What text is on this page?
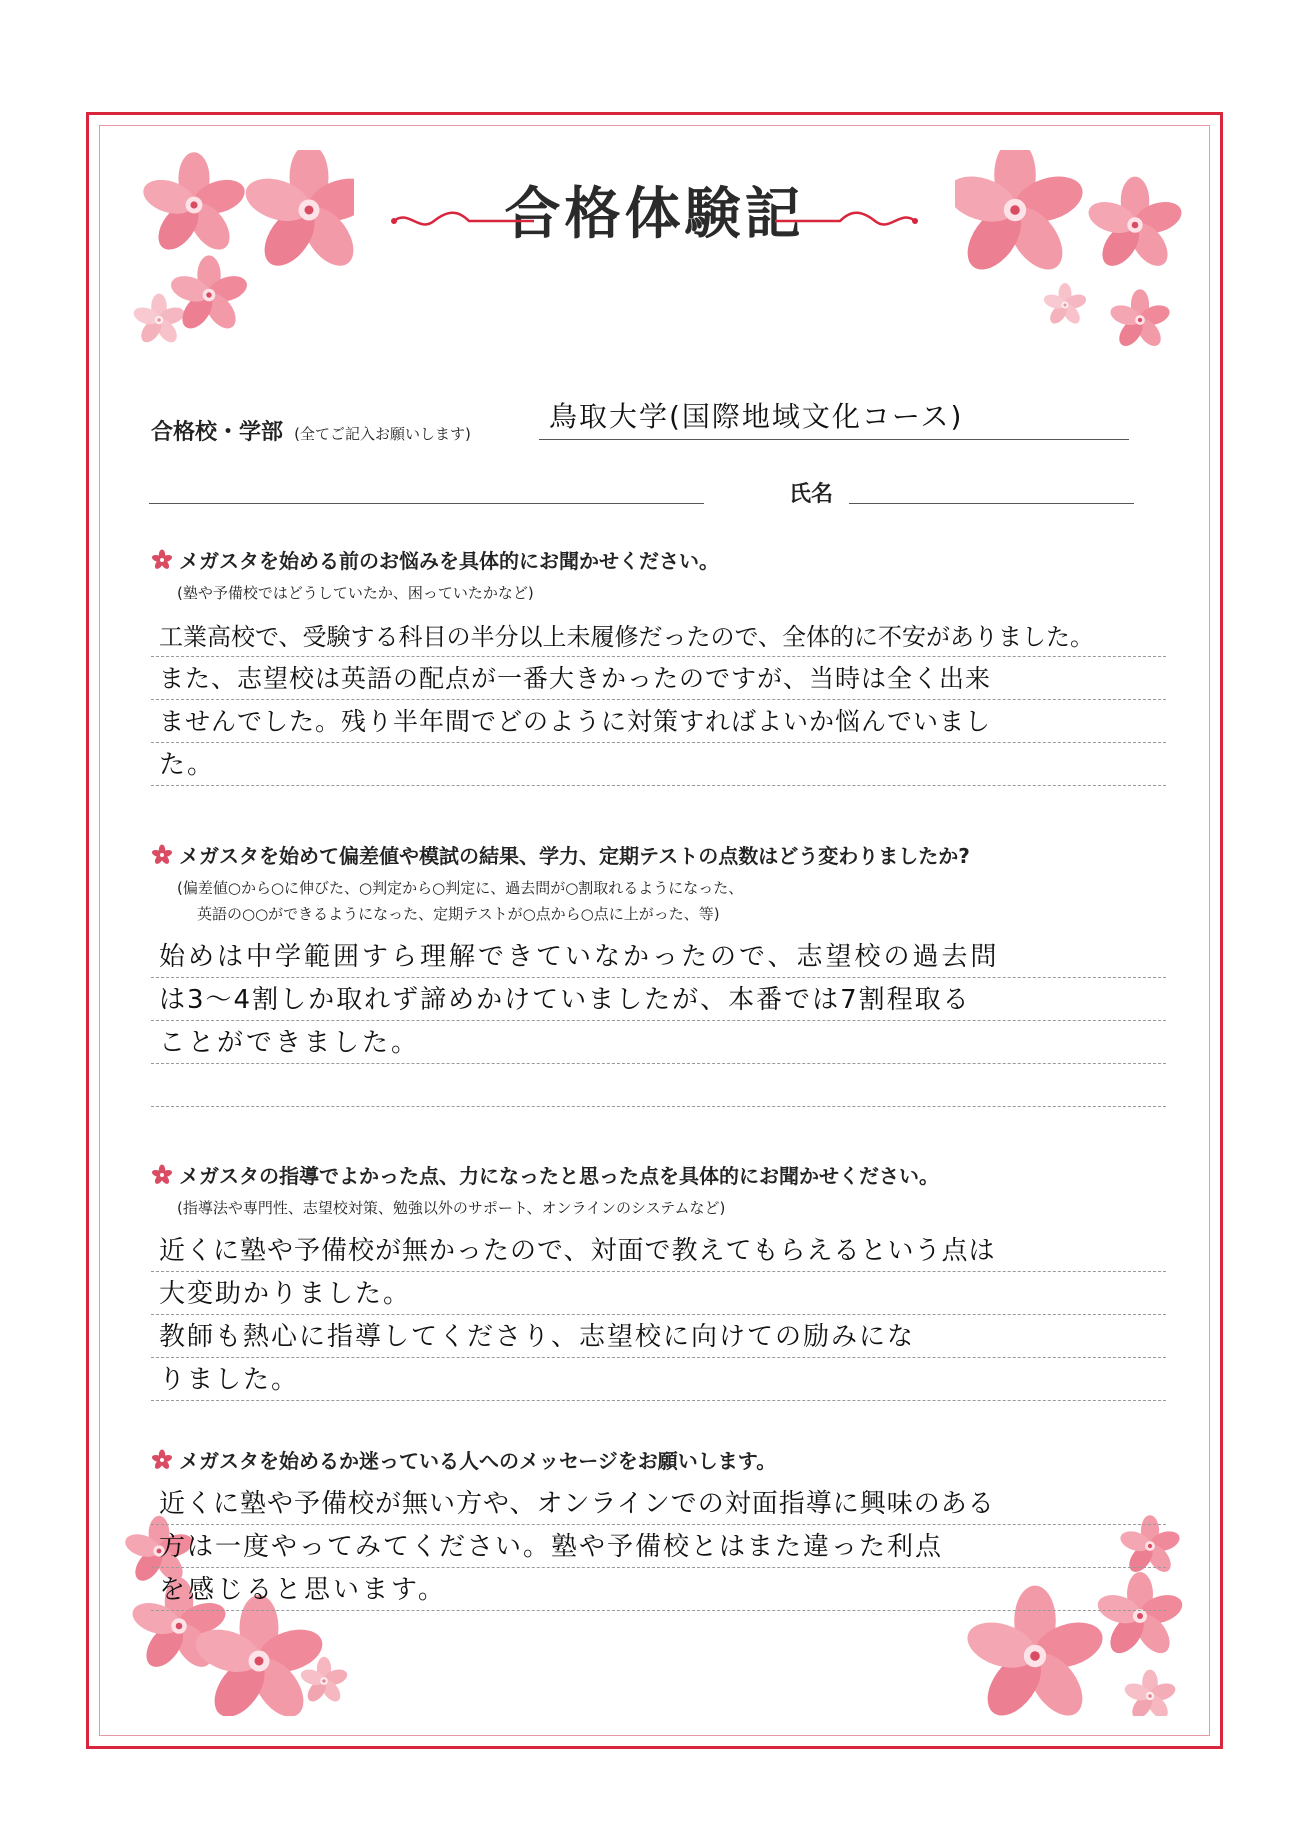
合格体験記
合格校・学部 (全てご記入お願いします)
鳥取大学(国際地域文化コース)
氏名
メガスタを始める前のお悩みを具体的にお聞かせください。
(塾や予備校ではどうしていたか、困っていたかなど)
工業高校で、受験する科目の半分以上未履修だったので、全体的に不安がありました。
また、志望校は英語の配点が一番大きかったのですが、当時は全く出来
ませんでした。残り半年間でどのように対策すればよいか悩んでいまし
た。
メガスタを始めて偏差値や模試の結果、学力、定期テストの点数はどう変わりましたか?
(偏差値○から○に伸びた、○判定から○判定に、過去問が○割取れるようになった、
英語の○○ができるようになった、定期テストが○点から○点に上がった、等)
始めは中学範囲すら理解できていなかったので、志望校の過去問
は3～4割しか取れず諦めかけていましたが、本番では7割程取る
ことができました。
メガスタの指導でよかった点、力になったと思った点を具体的にお聞かせください。
(指導法や専門性、志望校対策、勉強以外のサポート、オンラインのシステムなど)
近くに塾や予備校が無かったので、対面で教えてもらえるという点は
大変助かりました。
教師も熱心に指導してくださり、志望校に向けての励みにな
りました。
メガスタを始めるか迷っている人へのメッセージをお願いします。
近くに塾や予備校が無い方や、オンラインでの対面指導に興味のある
方は一度やってみてください。塾や予備校とはまた違った利点
を感じると思います。
